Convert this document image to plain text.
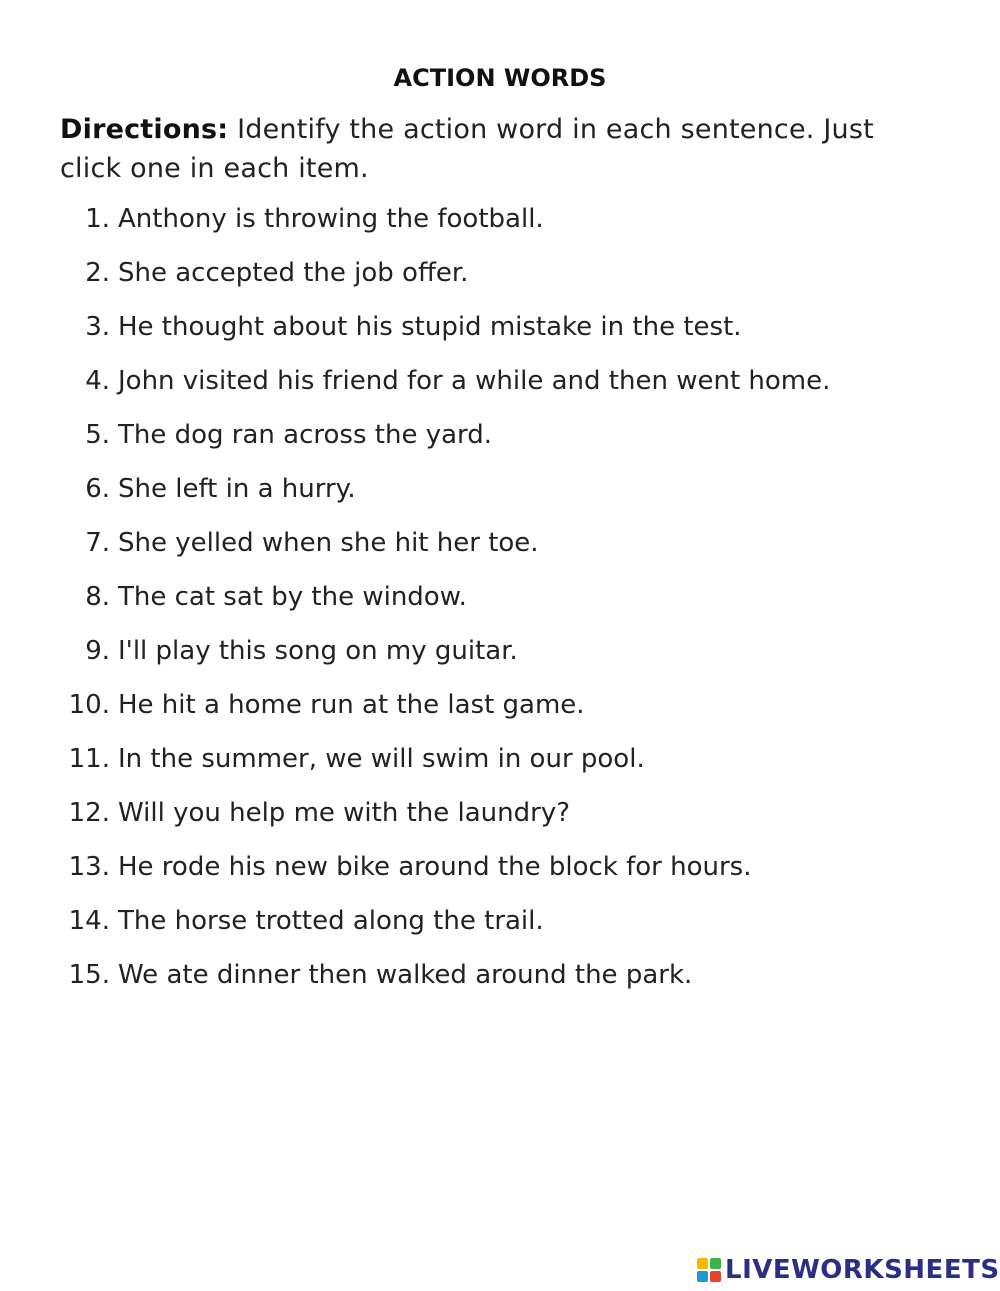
ACTION WORDS
Directions: Identify the action word in each sentence. Just click one in each item.
1. Anthony is throwing the football.
2. She accepted the job offer.
3. He thought about his stupid mistake in the test.
4. John visited his friend for a while and then went home.
5. The dog ran across the yard.
6. She left in a hurry.
7. She yelled when she hit her toe.
8. The cat sat by the window.
9. I'll play this song on my guitar.
10. He hit a home run at the last game.
11. In the summer, we will swim in our pool.
12. Will you help me with the laundry?
13. He rode his new bike around the block for hours.
14. The horse trotted along the trail.
15. We ate dinner then walked around the park.
LIVEWORKSHEETS
